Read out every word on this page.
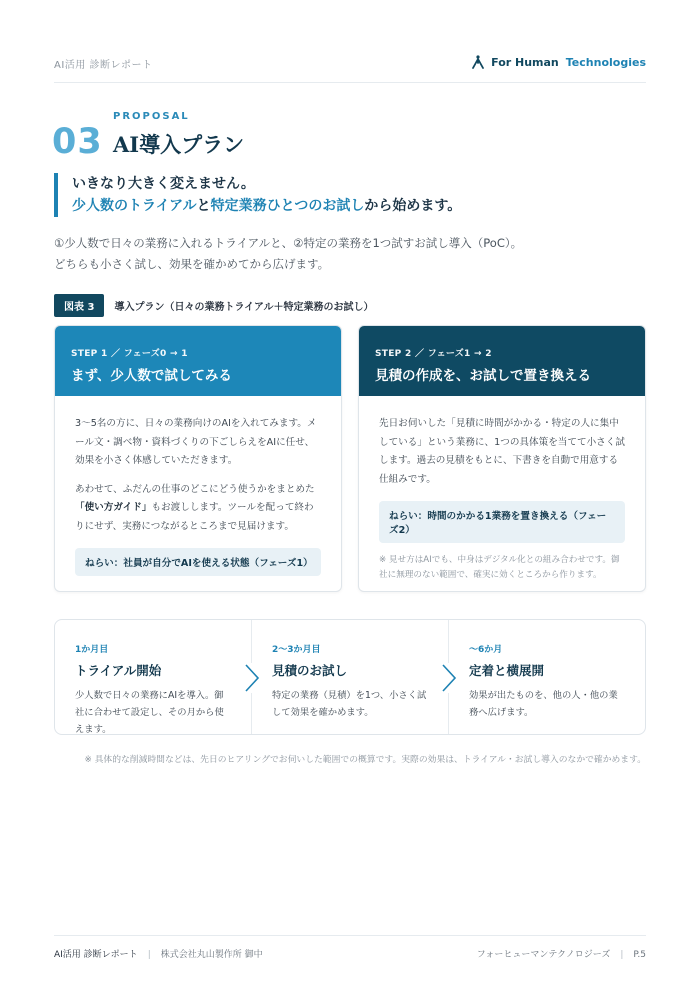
AI活用 診断レポート	For Human Technologies
PROPOSAL
03 AI導入プラン
いきなり大きく変えません。
少人数のトライアルと特定業務ひとつのお試しから始めます。
①少人数で日々の業務に入れるトライアルと、②特定の業務を1つ試すお試し導入（PoC）。
どちらも小さく試し、効果を確かめてから広げます。
図表 3	導入プラン（日々の業務トライアル＋特定業務のお試し）
STEP 1 ／ フェーズ0 → 1
まず、少人数で試してみる

3〜5名の方に、日々の業務向けのAIを入れてみます。メール文・調べ物・資料づくりの下ごしらえをAIに任せ、効果を小さく体感していただきます。

あわせて、ふだんの仕事のどこにどう使うかをまとめた「使い方ガイド」もお渡しします。ツールを配って終わりにせず、実務につながるところまで見届けます。

ねらい：社員が自分でAIを使える状態（フェーズ1）
STEP 2 ／ フェーズ1 → 2
見積の作成を、お試しで置き換える

先日お伺いした「見積に時間がかかる・特定の人に集中している」という業務に、1つの具体策を当てて小さく試します。過去の見積をもとに、下書きを自動で用意する仕組みです。

ねらい：時間のかかる1業務を置き換える（フェーズ2）
※ 見せ方はAIでも、中身はデジタル化との組み合わせです。御社に無理のない範囲で、確実に効くところから作ります。
1か月目
トライアル開始
少人数で日々の業務にAIを導入。御社に合わせて設定し、その月から使えます。
2〜3か月目
見積のお試し
特定の業務（見積）を1つ、小さく試して効果を確かめます。
〜6か月
定着と横展開
効果が出たものを、他の人・他の業務へ広げます。
※ 具体的な削減時間などは、先日のヒアリングでお伺いした範囲での概算です。実際の効果は、トライアル・お試し導入のなかで確かめます。
AI活用 診断レポート | 株式会社丸山製作所 御中	フォーヒューマンテクノロジーズ | P.5
